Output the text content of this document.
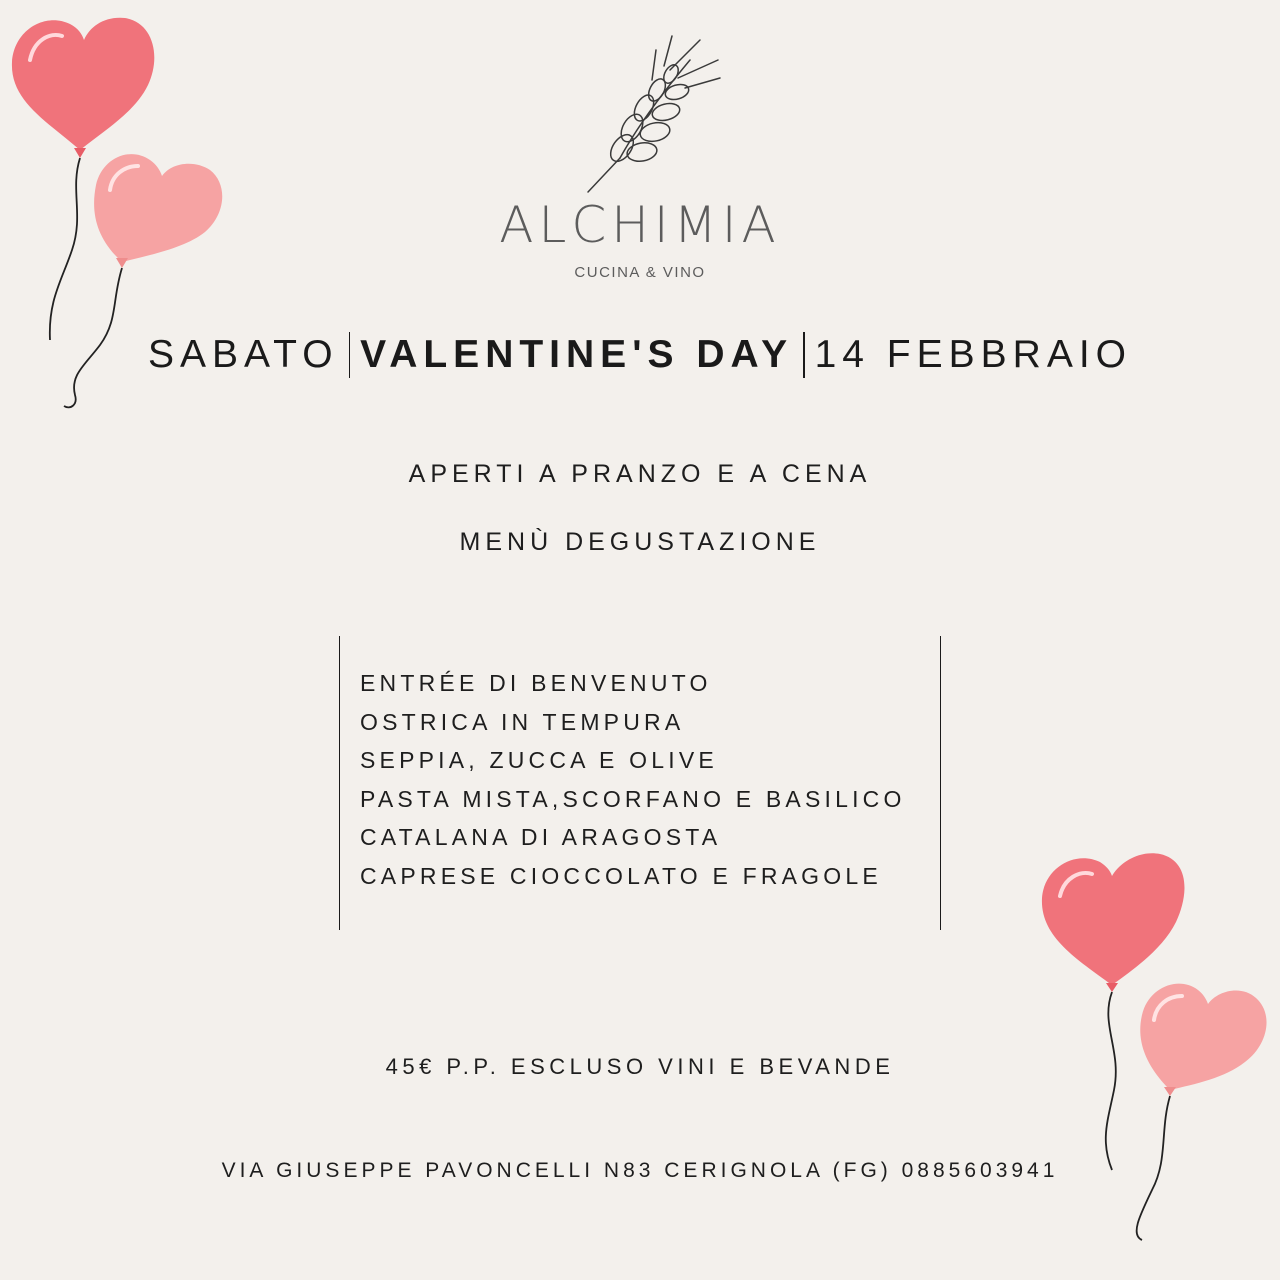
ALCHIMIA
CUCINA & VINO
SABATO VALENTINE'S DAY 14 FEBBRAIO
APERTI A PRANZO E A CENA
MENÙ DEGUSTAZIONE
ENTRÉE DI BENVENUTO
OSTRICA IN TEMPURA
SEPPIA, ZUCCA E OLIVE
PASTA MISTA,SCORFANO E BASILICO
CATALANA DI ARAGOSTA
CAPRESE CIOCCOLATO E FRAGOLE
45€ P.P. ESCLUSO VINI E BEVANDE
VIA GIUSEPPE PAVONCELLI N83 CERIGNOLA (FG) 0885603941
